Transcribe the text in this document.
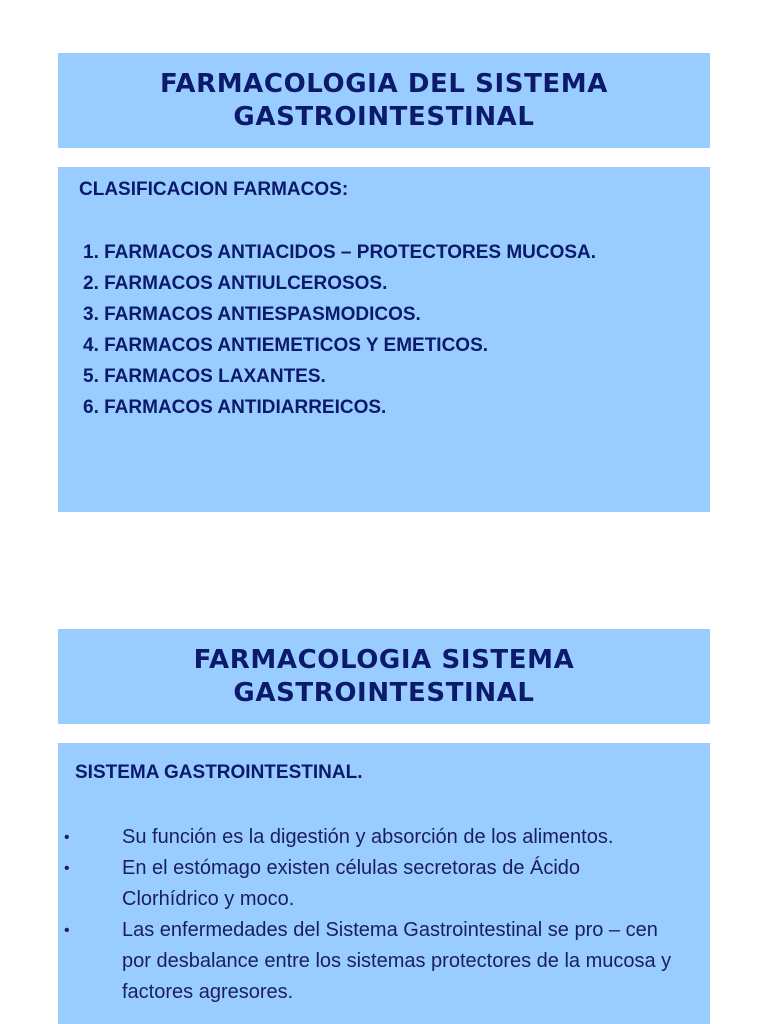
FARMACOLOGIA DEL SISTEMA
GASTROINTESTINAL

CLASIFICACION FARMACOS:

1. FARMACOS ANTIACIDOS – PROTECTORES MUCOSA.
2. FARMACOS ANTIULCEROSOS.
3. FARMACOS ANTIESPASMODICOS.
4. FARMACOS ANTIEMETICOS Y EMETICOS.
5. FARMACOS LAXANTES.
6. FARMACOS ANTIDIARREICOS.
FARMACOLOGIA SISTEMA
GASTROINTESTINAL

SISTEMA GASTROINTESTINAL.

•	Su función es la digestión y absorción de los alimentos.
•	En el estómago existen células secretoras de Ácido Clorhídrico y moco.
•	Las enfermedades del Sistema Gastrointestinal se pro – cen por desbalance entre los sistemas protectores de la mucosa y factores agresores.
